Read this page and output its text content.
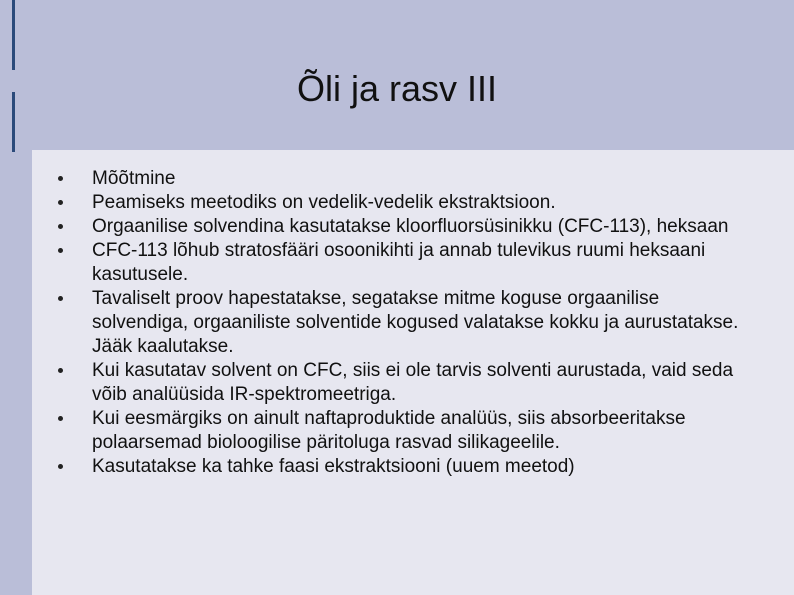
Õli ja rasv III
Mõõtmine
Peamiseks meetodiks on vedelik-vedelik ekstraktsioon.
Orgaanilise solvendina kasutatakse kloorfluorsüsinikku (CFC-113), heksaan
CFC-113 lõhub stratosfääri osoonikihti ja annab tulevikus ruumi heksaani kasutusele.
Tavaliselt proov hapestatakse, segatakse mitme koguse orgaanilise solvendiga, orgaaniliste solventide kogused valatakse kokku ja aurustatakse. Jääk kaalutakse.
Kui kasutatav solvent on CFC, siis ei ole tarvis solventi aurustada, vaid seda võib analüüsida IR-spektromeetriga.
Kui eesmärgiks on ainult naftaproduktide analüüs, siis absorbeeritakse polaarsemad bioloogilise päritoluga rasvad silikageelile.
Kasutatakse ka tahke faasi ekstraktsiooni (uuem meetod)
